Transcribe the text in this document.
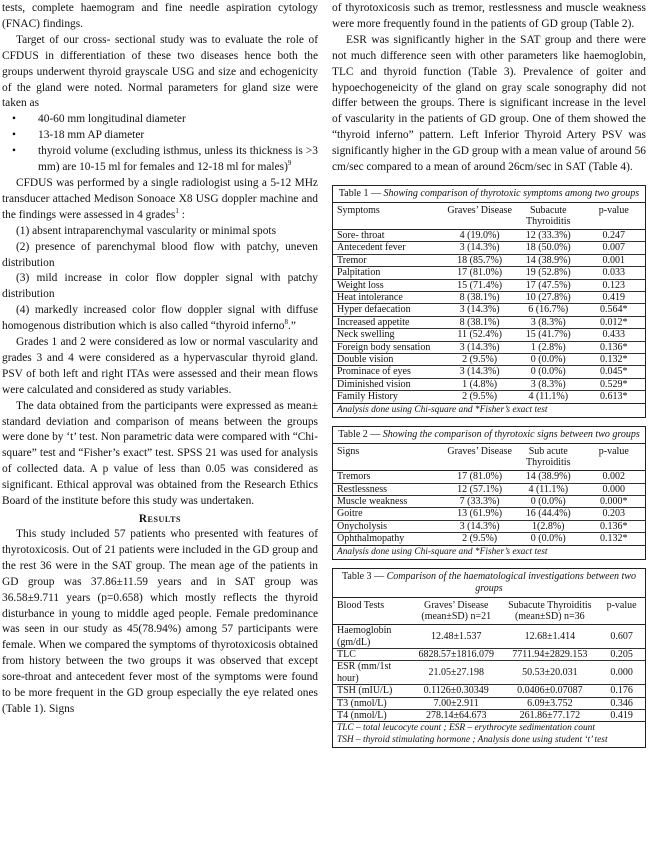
tests, complete haemogram and fine needle aspiration cytology (FNAC) findings.

Target of our cross- sectional study was to evaluate the role of CFDUS in differentiation of these two diseases hence both the groups underwent thyroid grayscale USG and size and echogenicity of the gland were noted. Normal parameters for gland size were taken as

• 40-60 mm longitudinal diameter
• 13-18 mm AP diameter
• thyroid volume (excluding isthmus, unless its thickness is >3 mm) are 10-15 ml for females and 12-18 ml for males)$^9$

CFDUS was performed by a single radiologist using a 5-12 MHz transducer attached Medison Sonoace X8 USG doppler machine and the findings were assessed in 4 grades$^1$ :

(1) absent intraparenchymal vascularity or minimal spots

(2) presence of parenchymal blood flow with patchy, uneven distribution

(3) mild increase in color flow doppler signal with patchy distribution

(4) markedly increased color flow doppler signal with diffuse homogenous distribution which is also called “thyroid inferno$^8$.”

Grades 1 and 2 were considered as low or normal vascularity and grades 3 and 4 were considered as a hypervascular thyroid gland. PSV of both left and right ITAs were assessed and their mean flows were calculated and considered as study variables.

The data obtained from the participants were expressed as mean± standard deviation and comparison of means between the groups were done by ‘t’ test. Non parametric data were compared with “Chi-square” test and “Fisher’s exact” test. SPSS 21 was used for analysis of collected data. A p value of less than 0.05 was considered as significant. Ethical approval was obtained from the Research Ethics Board of the institute before this study was undertaken.

Results

This study included 57 patients who presented with features of thyrotoxicosis. Out of 21 patients were included in the GD group and the rest 36 were in the SAT group. The mean age of the patients in GD group was 37.86±11.59 years and in SAT group was 36.58±9.711 years (p=0.658) which mostly reflects the thyroid disturbance in young to middle aged people. Female predominance was seen in our study as 45(78.94%) among 57 participants were female. When we compared the symptoms of thyrotoxicosis obtained from history between the two groups it was observed that except sore-throat and antecedent fever most of the symptoms were found to be more frequent in the GD group especially the eye related ones (Table 1). Signs

of thyrotoxicosis such as tremor, restlessness and muscle weakness were more frequently found in the patients of GD group (Table 2).

ESR was significantly higher in the SAT group and there were not much difference seen with other parameters like haemoglobin, TLC and thyroid function (Table 3). Prevalence of goiter and hypoechogeneicity of the gland on gray scale sonography did not differ between the groups. There is significant increase in the level of vascularity in the patients of GD group. One of them showed the “thyroid inferno” pattern. Left Inferior Thyroid Artery PSV was significantly higher in the GD group with a mean value of around 56 cm/sec compared to a mean of around 26cm/sec in SAT (Table 4).

Table 1 — Showing comparison of thyrotoxic symptoms among two groups
Symptoms	Graves’ Disease	Subacute Thyroiditis	p-value
Sore- throat	4 (19.0%)	12 (33.3%)	0.247
Antecedent fever	3 (14.3%)	18 (50.0%)	0.007
Tremor	18 (85.7%)	14 (38.9%)	0.001
Palpitation	17 (81.0%)	19 (52.8%)	0.033
Weight loss	15 (71.4%)	17 (47.5%)	0.123
Heat intolerance	8 (38.1%)	10 (27.8%)	0.419
Hyper defaecation	3 (14.3%)	6 (16.7%)	0.564*
Increased appetite	8 (38.1%)	3 (8.3%)	0.012*
Neck swelling	11 (52.4%)	15 (41.7%)	0.433
Foreign body sensation	3 (14.3%)	1 (2.8%)	0.136*
Double vision	2 (9.5%)	0 (0.0%)	0.132*
Prominace of eyes	3 (14.3%)	0 (0.0%)	0.045*
Diminished vision	1 (4.8%)	3 (8.3%)	0.529*
Family History	2 (9.5%)	4 (11.1%)	0.613*
Analysis done using Chi-square and *Fisher’s exact test
Table 2 — Showing the comparison of thyrotoxic signs between two groups
Signs	Graves’ Disease	Sub acute Thyroiditis	p-value
Tremors	17 (81.0%)	14 (38.9%)	0.002
Restlessness	12 (57.1%)	4 (11.1%)	0.000
Muscle weakness	7 (33.3%)	0 (0.0%)	0.000*
Goitre	13 (61.9%)	16 (44.4%)	0.203
Onycholysis	3 (14.3%)	1(2.8%)	0.136*
Ophthalmopathy	2 (9.5%)	0 (0.0%)	0.132*
Analysis done using Chi-square and *Fisher’s exact test
Table 3 — Comparison of the haematological investigations between two groups
Blood Tests	Graves’ Disease (mean±SD) n=21	Subacute Thyroiditis (mean±SD) n=36	p-value
Haemoglobin (gm/dL)	12.48±1.537	12.68±1.414	0.607
TLC	6828.57±1816.079	7711.94±2829.153	0.205
ESR (mm/1st hour)	21.05±27.198	50.53±20.031	0.000
TSH (mIU/L)	0.1126±0.30349	0.0406±0.07087	0.176
T3 (nmol/L)	7.00±2.911	6.09±3.752	0.346
T4 (nmol/L)	278.14±64.673	261.86±77.172	0.419
TLC – total leucocyte count ; ESR – erythrocyte sedimentation count
TSH – thyroid stimulating hormone ; Analysis done using student ‘t’ test
